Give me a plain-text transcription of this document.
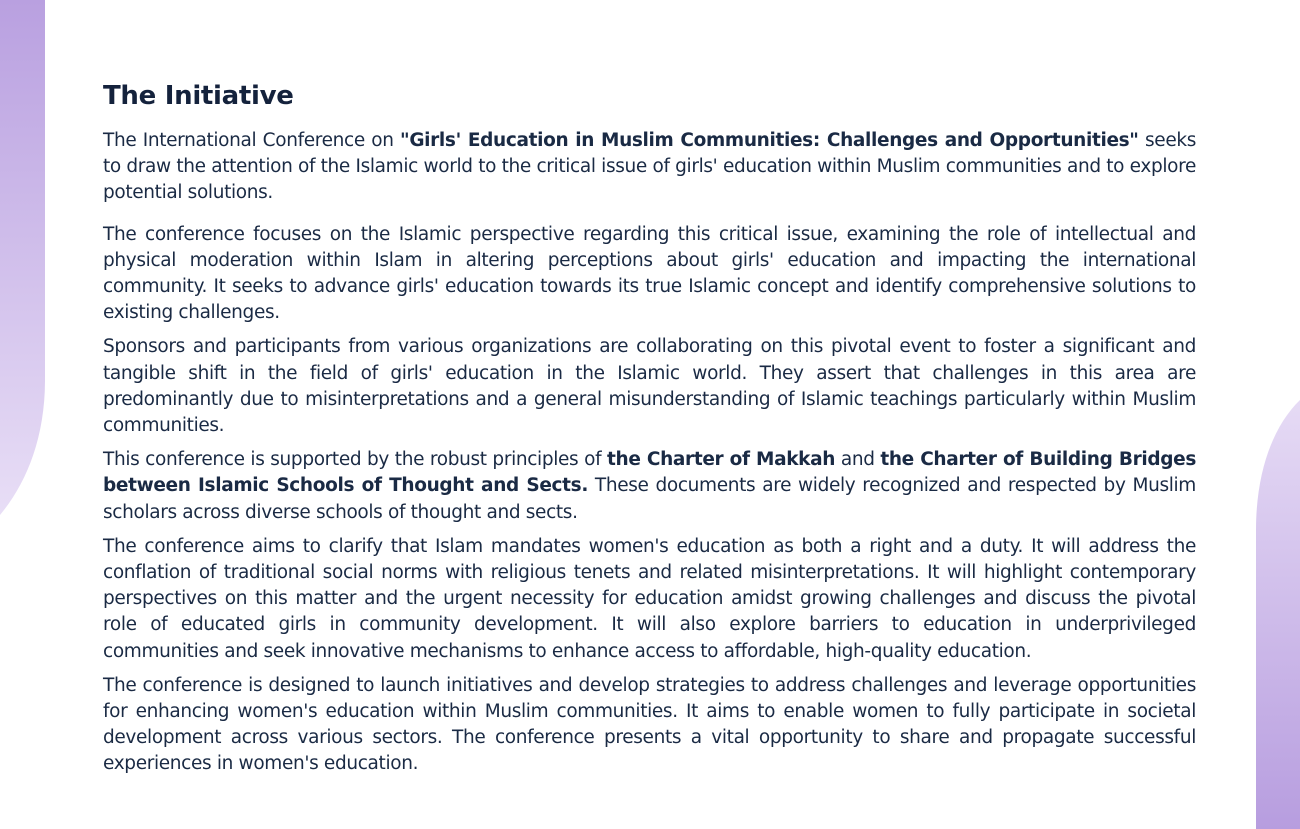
The Initiative

The International Conference on "Girls' Education in Muslim Communities: Challenges and Opportunities" seeks to draw the attention of the Islamic world to the critical issue of girls' education within Muslim communities and to explore potential solutions.

The conference focuses on the Islamic perspective regarding this critical issue, examining the role of intellectual and physical moderation within Islam in altering perceptions about girls' education and impacting the international community. It seeks to advance girls' education towards its true Islamic concept and identify comprehensive solutions to existing challenges.

Sponsors and participants from various organizations are collaborating on this pivotal event to foster a significant and tangible shift in the field of girls' education in the Islamic world. They assert that challenges in this area are predominantly due to misinterpretations and a general misunderstanding of Islamic teachings particularly within Muslim communities.

This conference is supported by the robust principles of the Charter of Makkah and the Charter of Building Bridges between Islamic Schools of Thought and Sects. These documents are widely recognized and respected by Muslim scholars across diverse schools of thought and sects.

The conference aims to clarify that Islam mandates women's education as both a right and a duty. It will address the conflation of traditional social norms with religious tenets and related misinterpretations. It will highlight contemporary perspectives on this matter and the urgent necessity for education amidst growing challenges and discuss the pivotal role of educated girls in community development. It will also explore barriers to education in underprivileged communities and seek innovative mechanisms to enhance access to affordable, high-quality education.

The conference is designed to launch initiatives and develop strategies to address challenges and leverage opportunities for enhancing women's education within Muslim communities. It aims to enable women to fully participate in societal development across various sectors. The conference presents a vital opportunity to share and propagate successful experiences in women's education.
